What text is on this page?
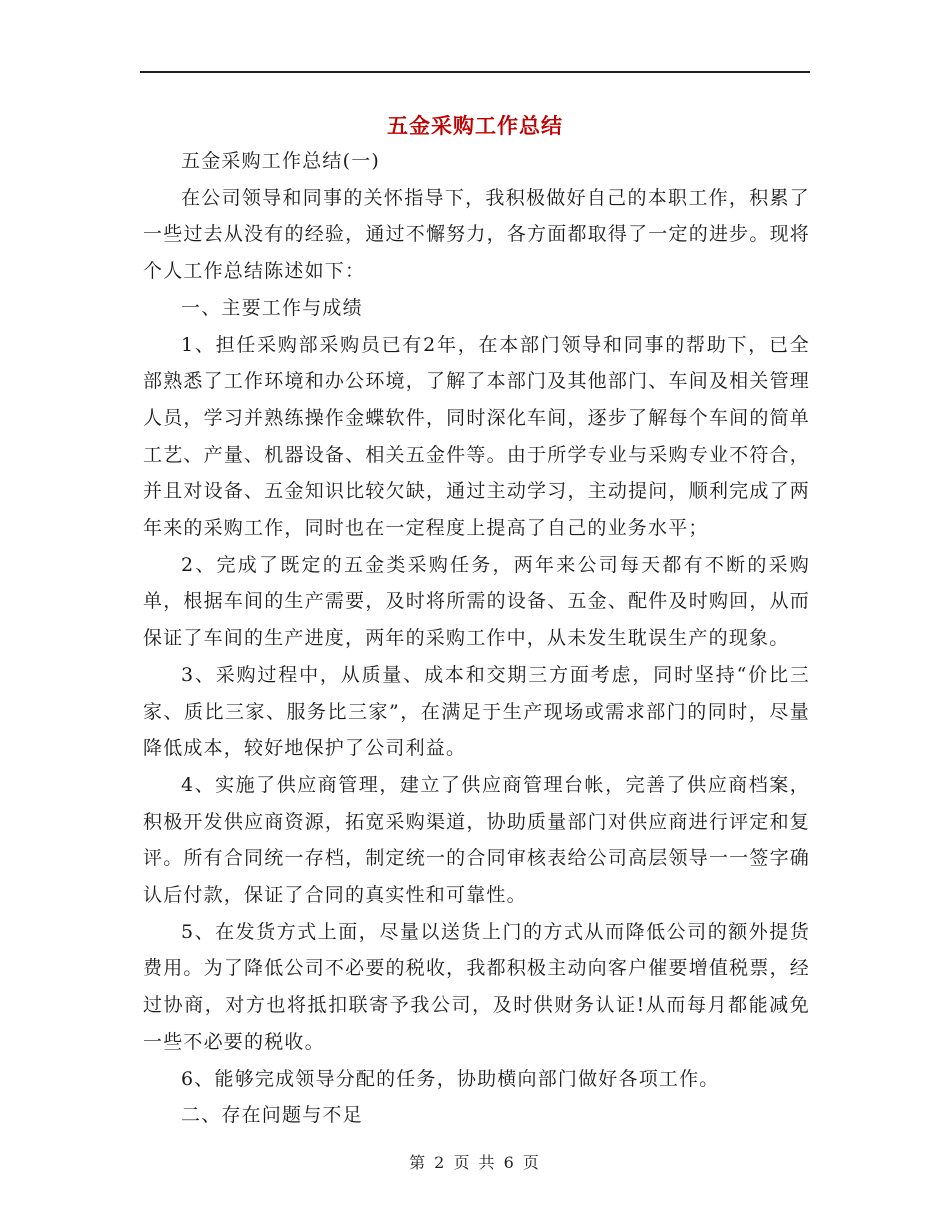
五金采购工作总结

五金采购工作总结(一)

在公司领导和同事的关怀指导下，我积极做好自己的本职工作，积累了一些过去从没有的经验，通过不懈努力，各方面都取得了一定的进步。现将个人工作总结陈述如下：

一、主要工作与成绩

1、担任采购部采购员已有2年，在本部门领导和同事的帮助下，已全部熟悉了工作环境和办公环境，了解了本部门及其他部门、车间及相关管理人员，学习并熟练操作金蝶软件，同时深化车间，逐步了解每个车间的简单工艺、产量、机器设备、相关五金件等。由于所学专业与采购专业不符合，并且对设备、五金知识比较欠缺，通过主动学习，主动提问，顺利完成了两年来的采购工作，同时也在一定程度上提高了自己的业务水平；

2、完成了既定的五金类采购任务，两年来公司每天都有不断的采购单，根据车间的生产需要，及时将所需的设备、五金、配件及时购回，从而保证了车间的生产进度，两年的采购工作中，从未发生耽误生产的现象。

3、采购过程中，从质量、成本和交期三方面考虑，同时坚持“价比三家、质比三家、服务比三家”，在满足于生产现场或需求部门的同时，尽量降低成本，较好地保护了公司利益。

4、实施了供应商管理，建立了供应商管理台帐，完善了供应商档案，积极开发供应商资源，拓宽采购渠道，协助质量部门对供应商进行评定和复评。所有合同统一存档，制定统一的合同审核表给公司高层领导一一签字确认后付款，保证了合同的真实性和可靠性。

5、在发货方式上面，尽量以送货上门的方式从而降低公司的额外提货费用。为了降低公司不必要的税收，我都积极主动向客户催要增值税票，经过协商，对方也将抵扣联寄予我公司，及时供财务认证!从而每月都能减免一些不必要的税收。

6、能够完成领导分配的任务，协助横向部门做好各项工作。

二、存在问题与不足

第 2 页 共 6 页
